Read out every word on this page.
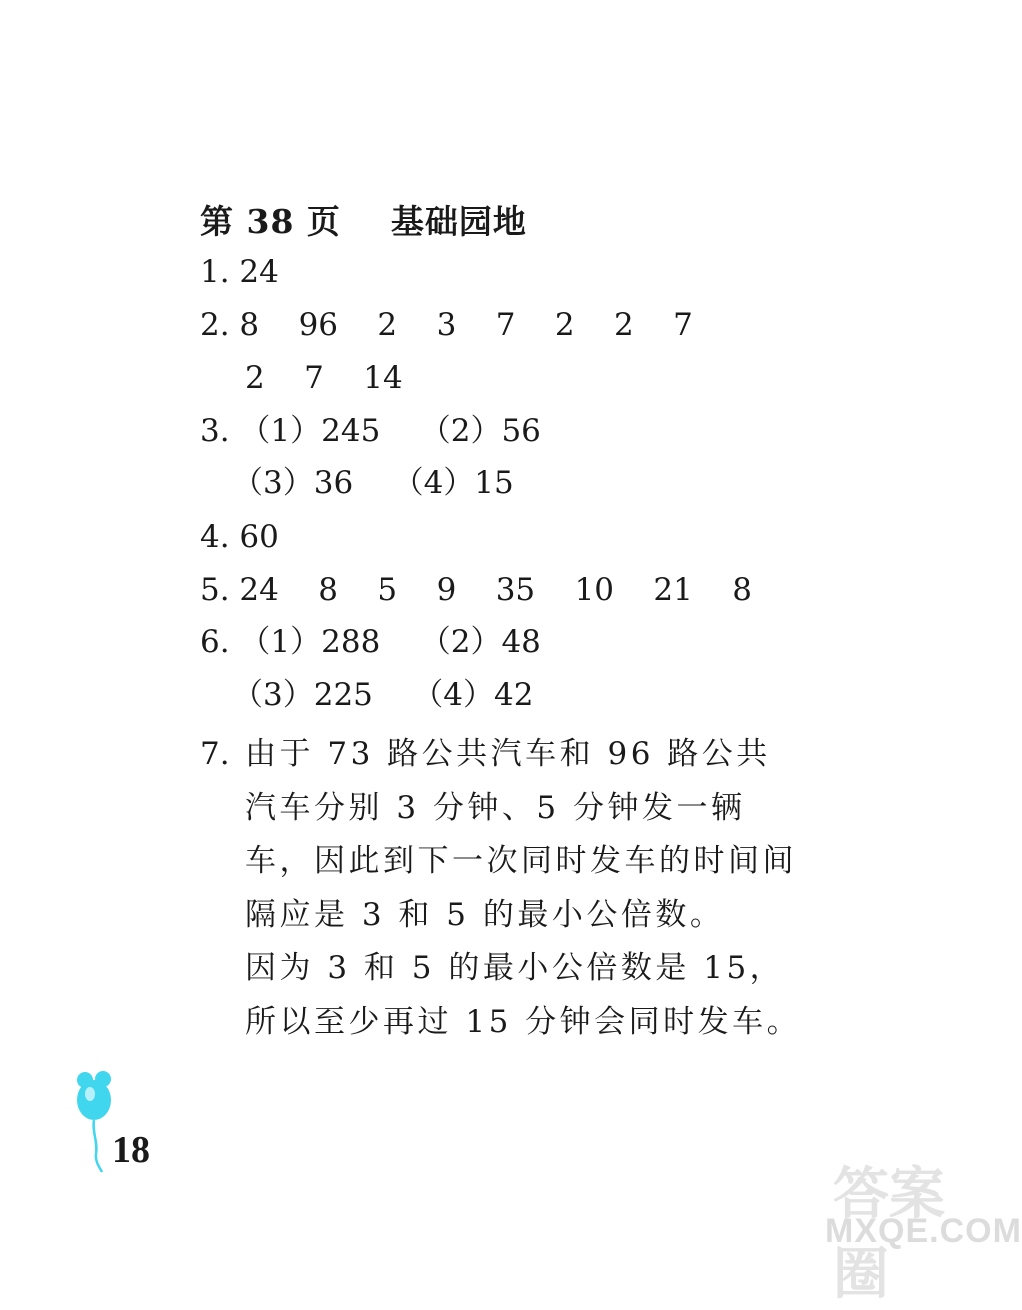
第 38 页    基础园地
1. 24
2. 8    96    2    3    7    2    2    7
2    7    14
3. （1）245    （2）56
（3）36    （4）15
4. 60
5. 24    8    5    9    35    10    21    8
6. （1）288    （2）48
（3）225    （4）42
7. 由于 73 路公共汽车和 96 路公共汽车分别 3 分钟、5 分钟发一辆车，因此到下一次同时发车的时间间隔应是 3 和 5 的最小公倍数。
因为 3 和 5 的最小公倍数是 15，所以至少再过 15 分钟会同时发车。
18
答案圈
MXQE.COM
